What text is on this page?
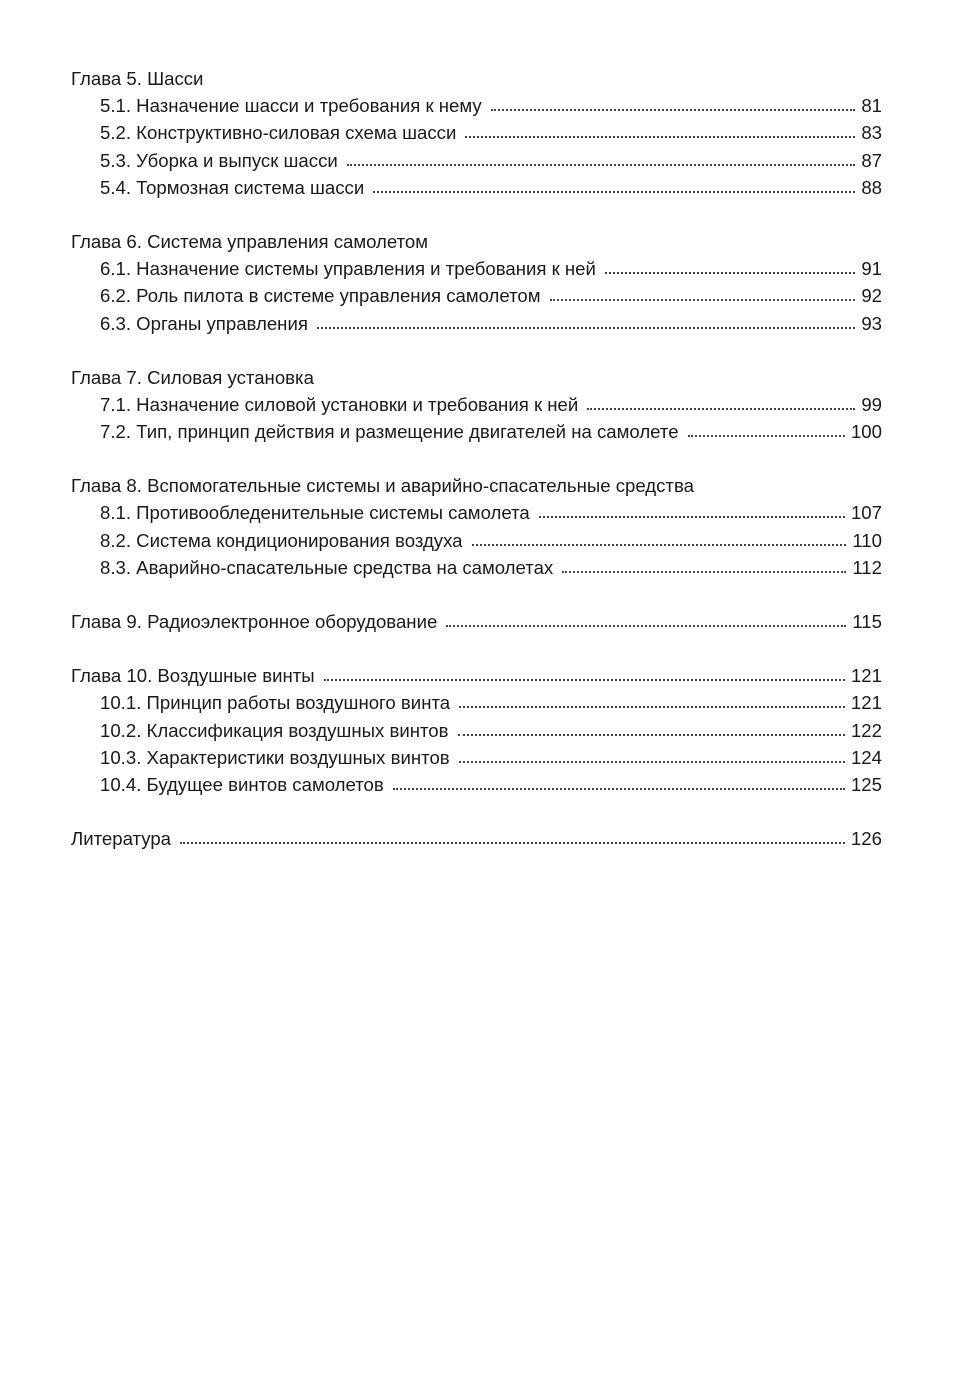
Глава 5. Шасси
5.1. Назначение шасси и требования к нему	81
5.2. Конструктивно-силовая схема шасси	83
5.3. Уборка и выпуск шасси	87
5.4. Тормозная система шасси	88
Глава 6. Система управления самолетом
6.1. Назначение системы управления и требования к ней	91
6.2. Роль пилота в системе управления самолетом	92
6.3. Органы управления	93
Глава 7. Силовая установка
7.1. Назначение силовой установки и требования к ней	99
7.2. Тип, принцип действия и размещение двигателей на самолете	100
Глава 8. Вспомогательные системы и аварийно-спасательные средства
8.1. Противообледенительные системы самолета	107
8.2. Система кондиционирования воздуха	110
8.3. Аварийно-спасательные средства на самолетах	112
Глава 9. Радиоэлектронное оборудование	115
Глава 10. Воздушные винты	121
10.1. Принцип работы воздушного винта	121
10.2. Классификация воздушных винтов	122
10.3. Характеристики воздушных винтов	124
10.4. Будущее винтов самолетов	125
Литература	126
